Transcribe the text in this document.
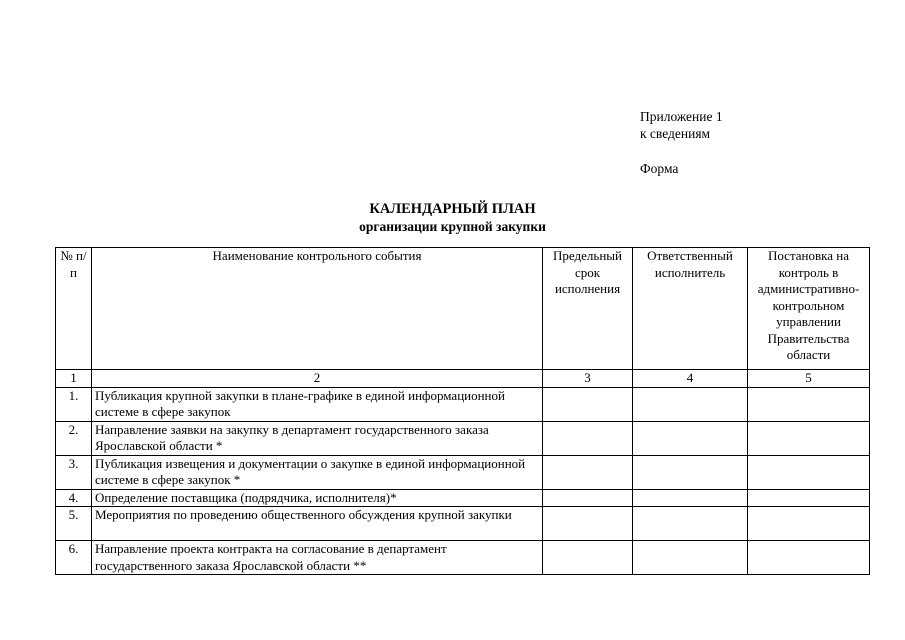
Приложение 1
к сведениям
Форма
КАЛЕНДАРНЫЙ ПЛАН
организации крупной закупки
№ п/п	Наименование контрольного события	Предельный срок исполнения	Ответственный исполнитель	Постановка на контроль в административно-контрольном управлении Правительства области
1	2	3	4	5
1.	Публикация крупной закупки в плане-графике в единой информационной системе в сфере закупок			
2.	Направление заявки на закупку в департамент государственного заказа Ярославской области *			
3.	Публикация извещения и документации о закупке в единой информационной системе в сфере закупок *			
4.	Определение поставщика (подрядчика, исполнителя)*			
5.	Мероприятия по проведению общественного обсуждения крупной закупки			
6.	Направление проекта контракта на согласование в департамент государственного заказа Ярославской области **			
